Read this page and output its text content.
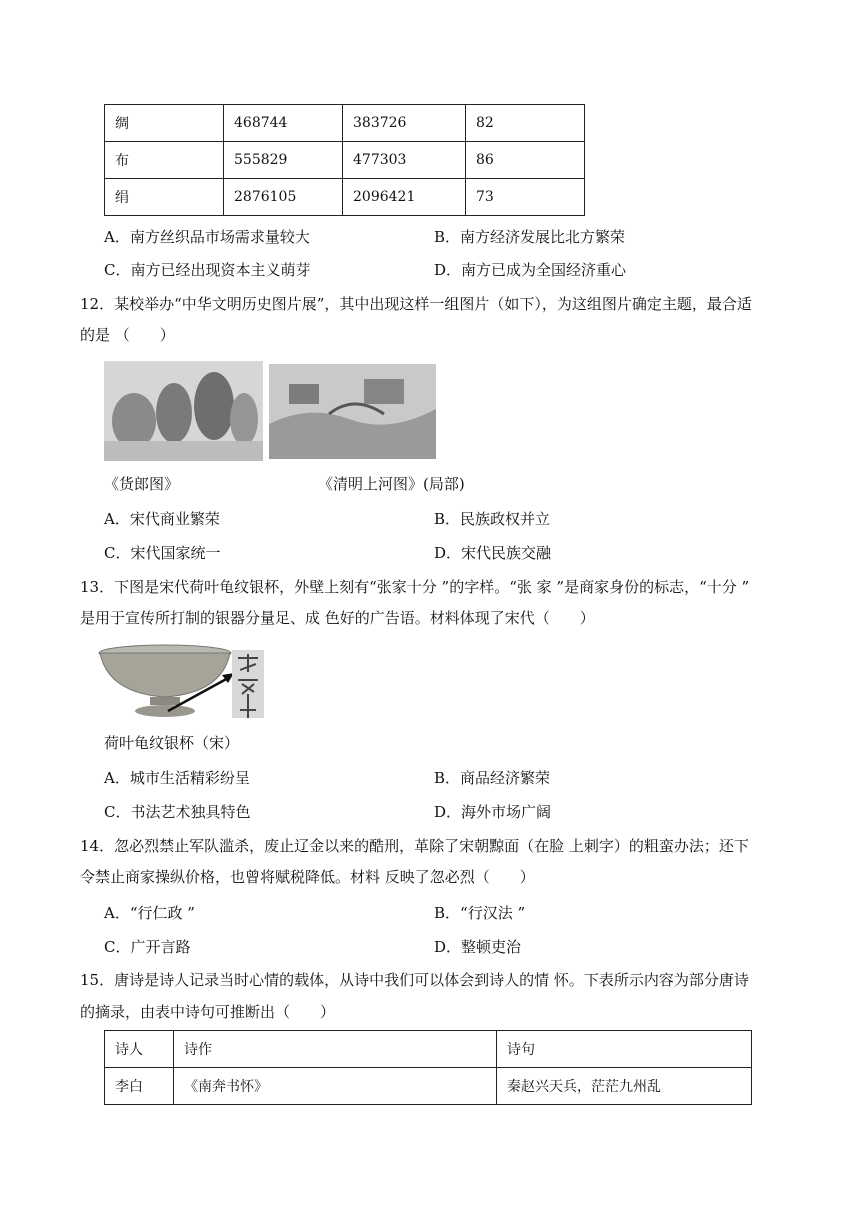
绸	468744	383726	82
布	555829	477303	86
绢	2876105	2096421	73
A．南方丝织品市场需求量较大	B．南方经济发展比北方繁荣
C．南方已经出现资本主义萌芽	D．南方已成为全国经济重心
12．某校举办“中华文明历史图片展”，其中出现这样一组图片（如下），为这组图片确定主题，最合适
的是 （　　）
《货郎图》	《清明上河图》(局部)
A．宋代商业繁荣	B．民族政权并立
C．宋代国家统一	D．宋代民族交融
13．下图是宋代荷叶龟纹银杯，外壁上刻有“张家十分 ”的字样。“张 家 ”是商家身份的标志，“十分 ”
是用于宣传所打制的银器分量足、成 色好的广告语。材料体现了宋代（　　）
荷叶龟纹银杯（宋）
A．城市生活精彩纷呈	B．商品经济繁荣
C．书法艺术独具特色	D．海外市场广阔
14．忽必烈禁止军队滥杀，废止辽金以来的酷刑，革除了宋朝黥面（在脸 上刺字）的粗蛮办法；还下
令禁止商家操纵价格，也曾将赋税降低。材料 反映了忽必烈（　　）
A．“行仁政 ”	B．“行汉法 ”
C．广开言路	D．整顿吏治
15．唐诗是诗人记录当时心情的载体，从诗中我们可以体会到诗人的情 怀。下表所示内容为部分唐诗
的摘录，由表中诗句可推断出（　　）
诗人	诗作	诗句
李白	《南奔书怀》	秦赵兴天兵，茫茫九州乱
